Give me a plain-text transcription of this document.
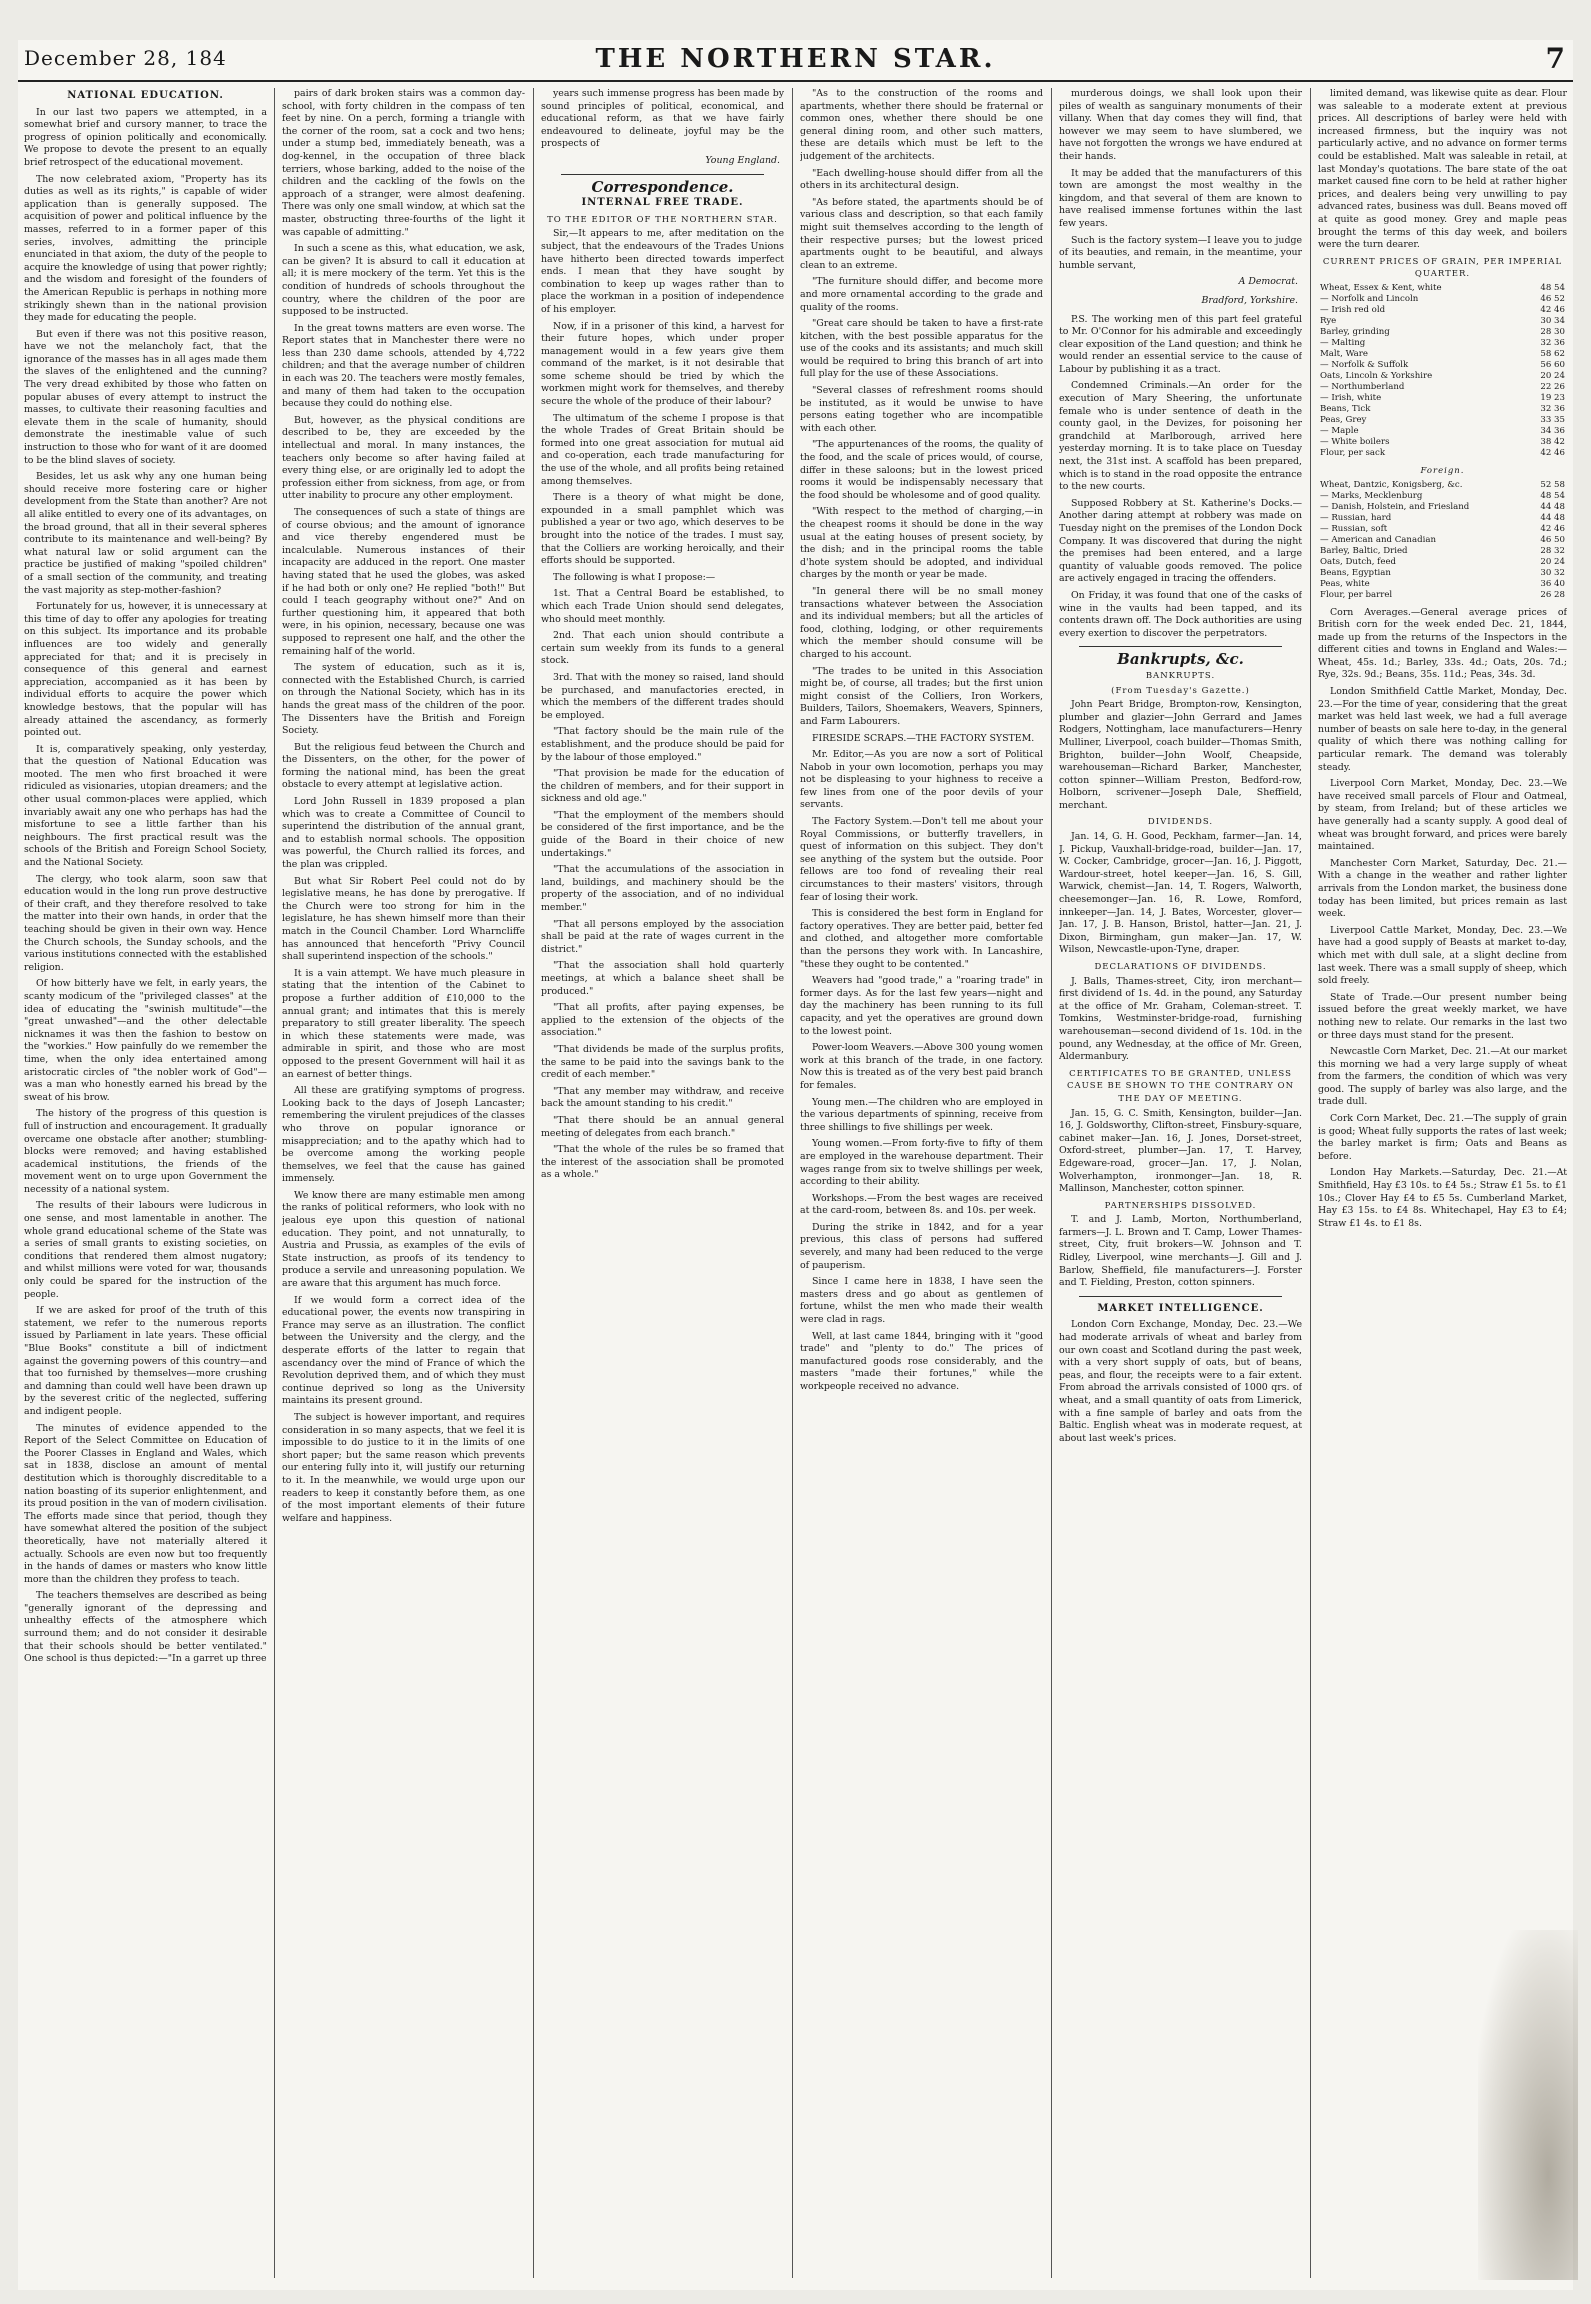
December 28, 184	THE NORTHERN STAR.	7
NATIONAL EDUCATION.

In our last two papers we attempted, in a somewhat brief and cursory manner, to trace the progress of opinion politically and economically. We propose to devote the present to an equally brief retrospect of the educational movement.

The now celebrated axiom, "Property has its duties as well as its rights," is capable of wider application than is generally supposed. The acquisition of power and political influence by the masses, referred to in a former paper of this series, involves, admitting the principle enunciated in that axiom, the duty of the people to acquire the knowledge of using that power rightly; and the wisdom and foresight of the founders of the American Republic is perhaps in nothing more strikingly shewn than in the national provision they made for educating the people.

But even if there was not this positive reason, have we not the melancholy fact, that the ignorance of the masses has in all ages made them the slaves of the enlightened and the cunning? The very dread exhibited by those who fatten on popular abuses of every attempt to instruct the masses, to cultivate their reasoning faculties and elevate them in the scale of humanity, should demonstrate the inestimable value of such instruction to those who for want of it are doomed to be the blind slaves of society.

Besides, let us ask why any one human being should receive more fostering care or higher development from the State than another? Are not all alike entitled to every one of its advantages, on the broad ground, that all in their several spheres contribute to its maintenance and well-being? By what natural law or solid argument can the practice be justified of making "spoiled children" of a small section of the community, and treating the vast majority as step-mother-fashion?

Fortunately for us, however, it is unnecessary at this time of day to offer any apologies for treating on this subject. Its importance and its probable influences are too widely and generally appreciated for that; and it is precisely in consequence of this general and earnest appreciation, accompanied as it has been by individual efforts to acquire the power which knowledge bestows, that the popular will has already attained the ascendancy, as formerly pointed out.

It is, comparatively speaking, only yesterday, that the question of National Education was mooted. The men who first broached it were ridiculed as visionaries, utopian dreamers; and the other usual common-places were applied, which invariably await any one who perhaps has had the misfortune to see a little farther than his neighbours. The first practical result was the schools of the British and Foreign School Society, and the National Society.

The clergy, who took alarm, soon saw that education would in the long run prove destructive of their craft, and they therefore resolved to take the matter into their own hands, in order that the teaching should be given in their own way. Hence the Church schools, the Sunday schools, and the various institutions connected with the established religion.

Of how bitterly have we felt, in early years, the scanty modicum of the "privileged classes" at the idea of educating the "swinish multitude"—the "great unwashed"—and the other delectable nicknames it was then the fashion to bestow on the "workies." How painfully do we remember the time, when the only idea entertained among aristocratic circles of "the nobler work of God"—was a man who honestly earned his bread by the sweat of his brow.

The history of the progress of this question is full of instruction and encouragement. It gradually overcame one obstacle after another; stumbling-blocks were removed; and having established academical institutions, the friends of the movement went on to urge upon Government the necessity of a national system.

The results of their labours were ludicrous in one sense, and most lamentable in another. The whole grand educational scheme of the State was a series of small grants to existing societies, on conditions that rendered them almost nugatory; and whilst millions were voted for war, thousands only could be spared for the instruction of the people.

If we are asked for proof of the truth of this statement, we refer to the numerous reports issued by Parliament in late years. These official "Blue Books" constitute a bill of indictment against the governing powers of this country—and that too furnished by themselves—more crushing and damning than could well have been drawn up by the severest critic of the neglected, suffering and indigent people.

The minutes of evidence appended to the Report of the Select Committee on Education of the Poorer Classes in England and Wales, which sat in 1838, disclose an amount of mental destitution which is thoroughly discreditable to a nation boasting of its superior enlightenment, and its proud position in the van of modern civilisation. The efforts made since that period, though they have somewhat altered the position of the subject theoretically, have not materially altered it actually. Schools are even now but too frequently in the hands of dames or masters who know little more than the children they profess to teach.

The teachers themselves are described as being "generally ignorant of the depressing and unhealthy effects of the atmosphere which surround them; and do not consider it desirable that their schools should be better ventilated." One school is thus depicted:—"In a garret up three

pairs of dark broken stairs was a common day-school, with forty children in the compass of ten feet by nine. On a perch, forming a triangle with the corner of the room, sat a cock and two hens; under a stump bed, immediately beneath, was a dog-kennel, in the occupation of three black terriers, whose barking, added to the noise of the children and the cackling of the fowls on the approach of a stranger, were almost deafening. There was only one small window, at which sat the master, obstructing three-fourths of the light it was capable of admitting."

In such a scene as this, what education, we ask, can be given? It is absurd to call it education at all; it is mere mockery of the term. Yet this is the condition of hundreds of schools throughout the country, where the children of the poor are supposed to be instructed.

In the great towns matters are even worse. The Report states that in Manchester there were no less than 230 dame schools, attended by 4,722 children; and that the average number of children in each was 20. The teachers were mostly females, and many of them had taken to the occupation because they could do nothing else.

But, however, as the physical conditions are described to be, they are exceeded by the intellectual and moral. In many instances, the teachers only become so after having failed at every thing else, or are originally led to adopt the profession either from sickness, from age, or from utter inability to procure any other employment.

The consequences of such a state of things are of course obvious; and the amount of ignorance and vice thereby engendered must be incalculable. Numerous instances of their incapacity are adduced in the report. One master having stated that he used the globes, was asked if he had both or only one? He replied "both!" But could I teach geography without one?" And on further questioning him, it appeared that both were, in his opinion, necessary, because one was supposed to represent one half, and the other the remaining half of the world.

The system of education, such as it is, connected with the Established Church, is carried on through the National Society, which has in its hands the great mass of the children of the poor. The Dissenters have the British and Foreign Society.

But the religious feud between the Church and the Dissenters, on the other, for the power of forming the national mind, has been the great obstacle to every attempt at legislative action.

Lord John Russell in 1839 proposed a plan which was to create a Committee of Council to superintend the distribution of the annual grant, and to establish normal schools. The opposition was powerful, the Church rallied its forces, and the plan was crippled.

But what Sir Robert Peel could not do by legislative means, he has done by prerogative. If the Church were too strong for him in the legislature, he has shewn himself more than their match in the Council Chamber. Lord Wharncliffe has announced that henceforth "Privy Council shall superintend inspection of the schools."

It is a vain attempt. We have much pleasure in stating that the intention of the Cabinet to propose a further addition of £10,000 to the annual grant; and intimates that this is merely preparatory to still greater liberality. The speech in which these statements were made, was admirable in spirit, and those who are most opposed to the present Government will hail it as an earnest of better things.

All these are gratifying symptoms of progress. Looking back to the days of Joseph Lancaster; remembering the virulent prejudices of the classes who throve on popular ignorance or misappreciation; and to the apathy which had to be overcome among the working people themselves, we feel that the cause has gained immensely.

We know there are many estimable men among the ranks of political reformers, who look with no jealous eye upon this question of national education. They point, and not unnaturally, to Austria and Prussia, as examples of the evils of State instruction, as proofs of its tendency to produce a servile and unreasoning population. We are aware that this argument has much force.

If we would form a correct idea of the educational power, the events now transpiring in France may serve as an illustration. The conflict between the University and the clergy, and the desperate efforts of the latter to regain that ascendancy over the mind of France of which the Revolution deprived them, and of which they must continue deprived so long as the University maintains its present ground.

The subject is however important, and requires consideration in so many aspects, that we feel it is impossible to do justice to it in the limits of one short paper; but the same reason which prevents our entering fully into it, will justify our returning to it. In the meanwhile, we would urge upon our readers to keep it constantly before them, as one of the most important elements of their future welfare and happiness.

years such immense progress has been made by sound principles of political, economical, and educational reform, as that we have fairly endeavoured to delineate, joyful may be the prospects of

Young England.
Correspondence.
INTERNAL FREE TRADE.
TO THE EDITOR OF THE NORTHERN STAR.

Sir,—It appears to me, after meditation on the subject, that the endeavours of the Trades Unions have hitherto been directed towards imperfect ends. I mean that they have sought by combination to keep up wages rather than to place the workman in a position of independence of his employer.

Now, if in a prisoner of this kind, a harvest for their future hopes, which under proper management would in a few years give them command of the market, is it not desirable that some scheme should be tried by which the workmen might work for themselves, and thereby secure the whole of the produce of their labour?

The ultimatum of the scheme I propose is that the whole Trades of Great Britain should be formed into one great association for mutual aid and co-operation, each trade manufacturing for the use of the whole, and all profits being retained among themselves.

There is a theory of what might be done, expounded in a small pamphlet which was published a year or two ago, which deserves to be brought into the notice of the trades. I must say, that the Colliers are working heroically, and their efforts should be supported.

The following is what I propose:—

1st. That a Central Board be established, to which each Trade Union should send delegates, who should meet monthly.

2nd. That each union should contribute a certain sum weekly from its funds to a general stock.

3rd. That with the money so raised, land should be purchased, and manufactories erected, in which the members of the different trades should be employed.

"That factory should be the main rule of the establishment, and the produce should be paid for by the labour of those employed."

"That provision be made for the education of the children of members, and for their support in sickness and old age."

"That the employment of the members should be considered of the first importance, and be the guide of the Board in their choice of new undertakings."

"That the accumulations of the association in land, buildings, and machinery should be the property of the association, and of no individual member."

"That all persons employed by the association shall be paid at the rate of wages current in the district."

"That the association shall hold quarterly meetings, at which a balance sheet shall be produced."

"That all profits, after paying expenses, be applied to the extension of the objects of the association."

"That dividends be made of the surplus profits, the same to be paid into the savings bank to the credit of each member."

"That any member may withdraw, and receive back the amount standing to his credit."

"That there should be an annual general meeting of delegates from each branch."

"That the whole of the rules be so framed that the interest of the association shall be promoted as a whole."

"As to the construction of the rooms and apartments, whether there should be fraternal or common ones, whether there should be one general dining room, and other such matters, these are details which must be left to the judgement of the architects.

"Each dwelling-house should differ from all the others in its architectural design.

"As before stated, the apartments should be of various class and description, so that each family might suit themselves according to the length of their respective purses; but the lowest priced apartments ought to be beautiful, and always clean to an extreme.

"The furniture should differ, and become more and more ornamental according to the grade and quality of the rooms.

"Great care should be taken to have a first-rate kitchen, with the best possible apparatus for the use of the cooks and its assistants; and much skill would be required to bring this branch of art into full play for the use of these Associations.

"Several classes of refreshment rooms should be instituted, as it would be unwise to have persons eating together who are incompatible with each other.

"The appurtenances of the rooms, the quality of the food, and the scale of prices would, of course, differ in these saloons; but in the lowest priced rooms it would be indispensably necessary that the food should be wholesome and of good quality.

"With respect to the method of charging,—in the cheapest rooms it should be done in the way usual at the eating houses of present society, by the dish; and in the principal rooms the table d'hote system should be adopted, and individual charges by the month or year be made.

"In general there will be no small money transactions whatever between the Association and its individual members; but all the articles of food, clothing, lodging, or other requirements which the member should consume will be charged to his account.

"The trades to be united in this Association might be, of course, all trades; but the first union might consist of the Colliers, Iron Workers, Builders, Tailors, Shoemakers, Weavers, Spinners, and Farm Labourers.

FIRESIDE SCRAPS.—THE FACTORY SYSTEM.

Mr. Editor,—As you are now a sort of Political Nabob in your own locomotion, perhaps you may not be displeasing to your highness to receive a few lines from one of the poor devils of your servants.

The Factory System.—Don't tell me about your Royal Commissions, or butterfly travellers, in quest of information on this subject. They don't see anything of the system but the outside. Poor fellows are too fond of revealing their real circumstances to their masters' visitors, through fear of losing their work.

This is considered the best form in England for factory operatives. They are better paid, better fed and clothed, and altogether more comfortable than the persons they work with. In Lancashire, "these they ought to be contented."

Weavers had "good trade," a "roaring trade" in former days. As for the last few years—night and day the machinery has been running to its full capacity, and yet the operatives are ground down to the lowest point.

Power-loom Weavers.—Above 300 young women work at this branch of the trade, in one factory. Now this is treated as of the very best paid branch for females.

Young men.—The children who are employed in the various departments of spinning, receive from three shillings to five shillings per week.

Young women.—From forty-five to fifty of them are employed in the warehouse department. Their wages range from six to twelve shillings per week, according to their ability.

Workshops.—From the best wages are received at the card-room, between 8s. and 10s. per week.

During the strike in 1842, and for a year previous, this class of persons had suffered severely, and many had been reduced to the verge of pauperism.

Since I came here in 1838, I have seen the masters dress and go about as gentlemen of fortune, whilst the men who made their wealth were clad in rags.

Well, at last came 1844, bringing with it "good trade" and "plenty to do." The prices of manufactured goods rose considerably, and the masters "made their fortunes," while the workpeople received no advance.

murderous doings, we shall look upon their piles of wealth as sanguinary monuments of their villany. When that day comes they will find, that however we may seem to have slumbered, we have not forgotten the wrongs we have endured at their hands.

It may be added that the manufacturers of this town are amongst the most wealthy in the kingdom, and that several of them are known to have realised immense fortunes within the last few years.

Such is the factory system—I leave you to judge of its beauties, and remain, in the meantime, your humble servant,

A Democrat.
Bradford, Yorkshire.

P.S. The working men of this part feel grateful to Mr. O'Connor for his admirable and exceedingly clear exposition of the Land question; and think he would render an essential service to the cause of Labour by publishing it as a tract.

Condemned Criminals.—An order for the execution of Mary Sheering, the unfortunate female who is under sentence of death in the county gaol, in the Devizes, for poisoning her grandchild at Marlborough, arrived here yesterday morning. It is to take place on Tuesday next, the 31st inst. A scaffold has been prepared, which is to stand in the road opposite the entrance to the new courts.

Supposed Robbery at St. Katherine's Docks.—Another daring attempt at robbery was made on Tuesday night on the premises of the London Dock Company. It was discovered that during the night the premises had been entered, and a large quantity of valuable goods removed. The police are actively engaged in tracing the offenders.

On Friday, it was found that one of the casks of wine in the vaults had been tapped, and its contents drawn off. The Dock authorities are using every exertion to discover the perpetrators.

Bankrupts, &c.
BANKRUPTS.
(From Tuesday's Gazette.)

John Peart Bridge, Brompton-row, Kensington, plumber and glazier—John Gerrard and James Rodgers, Nottingham, lace manufacturers—Henry Mulliner, Liverpool, coach builder—Thomas Smith, Brighton, builder—John Woolf, Cheapside, warehouseman—Richard Barker, Manchester, cotton spinner—William Preston, Bedford-row, Holborn, scrivener—Joseph Dale, Sheffield, merchant.

DIVIDENDS.

Jan. 14, G. H. Good, Peckham, farmer—Jan. 14, J. Pickup, Vauxhall-bridge-road, builder—Jan. 17, W. Cocker, Cambridge, grocer—Jan. 16, J. Piggott, Wardour-street, hotel keeper—Jan. 16, S. Gill, Warwick, chemist—Jan. 14, T. Rogers, Walworth, cheesemonger—Jan. 16, R. Lowe, Romford, innkeeper—Jan. 14, J. Bates, Worcester, glover—Jan. 17, J. B. Hanson, Bristol, hatter—Jan. 21, J. Dixon, Birmingham, gun maker—Jan. 17, W. Wilson, Newcastle-upon-Tyne, draper.

DECLARATIONS OF DIVIDENDS.

J. Balls, Thames-street, City, iron merchant—first dividend of 1s. 4d. in the pound, any Saturday at the office of Mr. Graham, Coleman-street. T. Tomkins, Westminster-bridge-road, furnishing warehouseman—second dividend of 1s. 10d. in the pound, any Wednesday, at the office of Mr. Green, Aldermanbury.

CERTIFICATES TO BE GRANTED, UNLESS CAUSE BE SHOWN TO THE CONTRARY ON THE DAY OF MEETING.

Jan. 15, G. C. Smith, Kensington, builder—Jan. 16, J. Goldsworthy, Clifton-street, Finsbury-square, cabinet maker—Jan. 16, J. Jones, Dorset-street, Oxford-street, plumber—Jan. 17, T. Harvey, Edgeware-road, grocer—Jan. 17, J. Nolan, Wolverhampton, ironmonger—Jan. 18, R. Mallinson, Manchester, cotton spinner.

PARTNERSHIPS DISSOLVED.

T. and J. Lamb, Morton, Northumberland, farmers—J. L. Brown and T. Camp, Lower Thames-street, City, fruit brokers—W. Johnson and T. Ridley, Liverpool, wine merchants—J. Gill and J. Barlow, Sheffield, file manufacturers—J. Forster and T. Fielding, Preston, cotton spinners.

MARKET INTELLIGENCE.

London Corn Exchange, Monday, Dec. 23.—We had moderate arrivals of wheat and barley from our own coast and Scotland during the past week, with a very short supply of oats, but of beans, peas, and flour, the receipts were to a fair extent. From abroad the arrivals consisted of 1000 qrs. of wheat, and a small quantity of oats from Limerick, with a fine sample of barley and oats from the Baltic. English wheat was in moderate request, at about last week's prices.

limited demand, was likewise quite as dear. Flour was saleable to a moderate extent at previous prices. All descriptions of barley were held with increased firmness, but the inquiry was not particularly active, and no advance on former terms could be established. Malt was saleable in retail, at last Monday's quotations. The bare state of the oat market caused fine corn to be held at rather higher prices, and dealers being very unwilling to pay advanced rates, business was dull. Beans moved off at quite as good money. Grey and maple peas brought the terms of this day week, and boilers were the turn dearer.

CURRENT PRICES OF GRAIN, PER IMPERIAL QUARTER.
Wheat, Essex & Kent, white	48 54
— Norfolk and Lincoln	46 52
— Irish red old	42 46
Rye	30 34
Barley, grinding	28 30
— Malting	32 36
Malt, Ware	58 62
— Norfolk & Suffolk	56 60
Oats, Lincoln & Yorkshire	20 24
— Northumberland	22 26
— Irish, white	19 23
Beans, Tick	32 36
Peas, Grey	33 35
— Maple	34 36
— White boilers	38 42
Flour, per sack	42 46
Foreign.
Wheat, Dantzic, Konigsberg, &c.	52 58
— Marks, Mecklenburg	48 54
— Danish, Holstein, and Friesland	44 48
— Russian, hard	44 48
— Russian, soft	42 46
— American and Canadian	46 50
Barley, Baltic, Dried	28 32
Oats, Dutch, feed	20 24
Beans, Egyptian	30 32
Peas, white	36 40
Flour, per barrel	26 28

Corn Averages.—General average prices of British corn for the week ended Dec. 21, 1844, made up from the returns of the Inspectors in the different cities and towns in England and Wales:—Wheat, 45s. 1d.; Barley, 33s. 4d.; Oats, 20s. 7d.; Rye, 32s. 9d.; Beans, 35s. 11d.; Peas, 34s. 3d.

London Smithfield Cattle Market, Monday, Dec. 23.—For the time of year, considering that the great market was held last week, we had a full average number of beasts on sale here to-day, in the general quality of which there was nothing calling for particular remark. The demand was tolerably steady.

Liverpool Corn Market, Monday, Dec. 23.—We have received small parcels of Flour and Oatmeal, by steam, from Ireland; but of these articles we have generally had a scanty supply. A good deal of wheat was brought forward, and prices were barely maintained.

Manchester Corn Market, Saturday, Dec. 21.—With a change in the weather and rather lighter arrivals from the London market, the business done today has been limited, but prices remain as last week.

Liverpool Cattle Market, Monday, Dec. 23.—We have had a good supply of Beasts at market to-day, which met with dull sale, at a slight decline from last week. There was a small supply of sheep, which sold freely.

State of Trade.—Our present number being issued before the great weekly market, we have nothing new to relate. Our remarks in the last two or three days must stand for the present.

Newcastle Corn Market, Dec. 21.—At our market this morning we had a very large supply of wheat from the farmers, the condition of which was very good. The supply of barley was also large, and the trade dull.

Cork Corn Market, Dec. 21.—The supply of grain is good; Wheat fully supports the rates of last week; the barley market is firm; Oats and Beans as before.

London Hay Markets.—Saturday, Dec. 21.—At Smithfield, Hay £3 10s. to £4 5s.; Straw £1 5s. to £1 10s.; Clover Hay £4 to £5 5s. Cumberland Market, Hay £3 15s. to £4 8s. Whitechapel, Hay £3 to £4; Straw £1 4s. to £1 8s.
